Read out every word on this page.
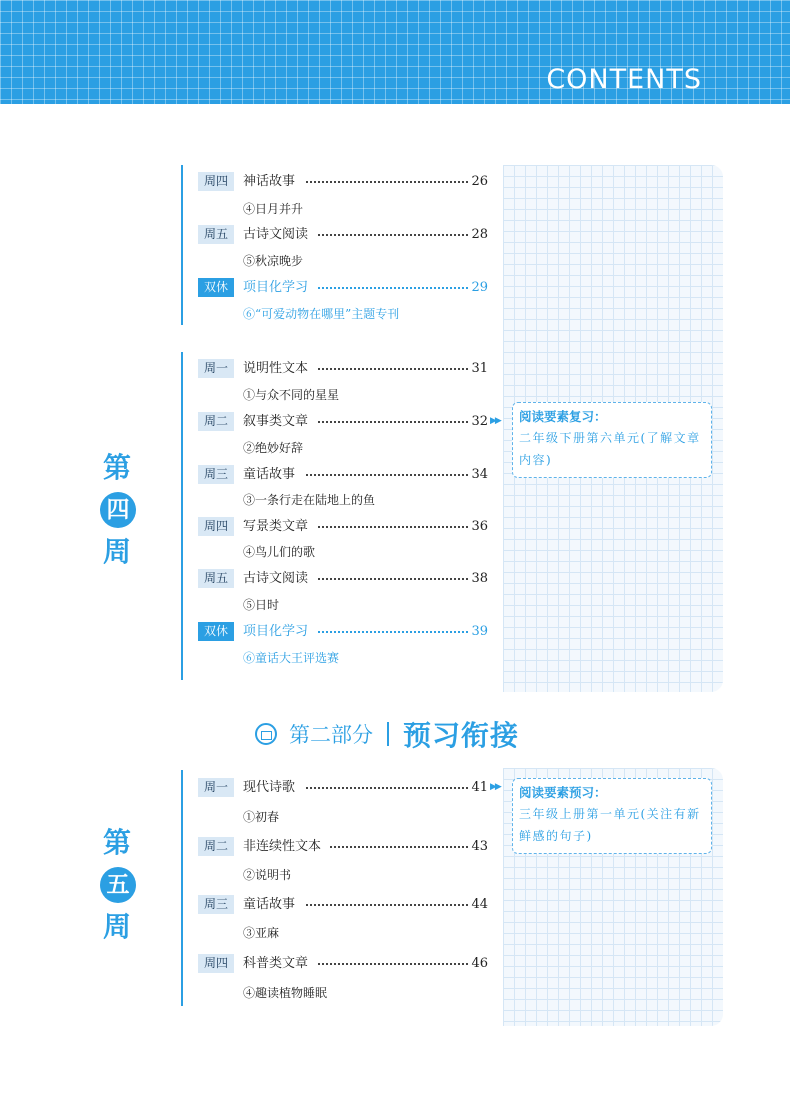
CONTENTS
周四	神话故事	26
④日月并升
周五	古诗文阅读	28
⑤秋凉晚步
双休	项目化学习	29
⑥“可爱动物在哪里”主题专刊
第
四
周
周一	说明性文本	31
①与众不同的星星
周二	叙事类文章	32 ▶▶
②绝妙好辞
周三	童话故事	34
③一条行走在陆地上的鱼
周四	写景类文章	36
④鸟儿们的歌
周五	古诗文阅读	38
⑤日时
双休	项目化学习	39
⑥童话大王评选赛
阅读要素复习：
二年级下册第六单元(了解文章内容)
第二部分 预习衔接
第
五
周
周一	现代诗歌	41 ▶▶
①初春
周二	非连续性文本	43
②说明书
周三	童话故事	44
③亚麻
周四	科普类文章	46
④趣读植物睡眠
阅读要素预习：
三年级上册第一单元(关注有新鲜感的句子)
